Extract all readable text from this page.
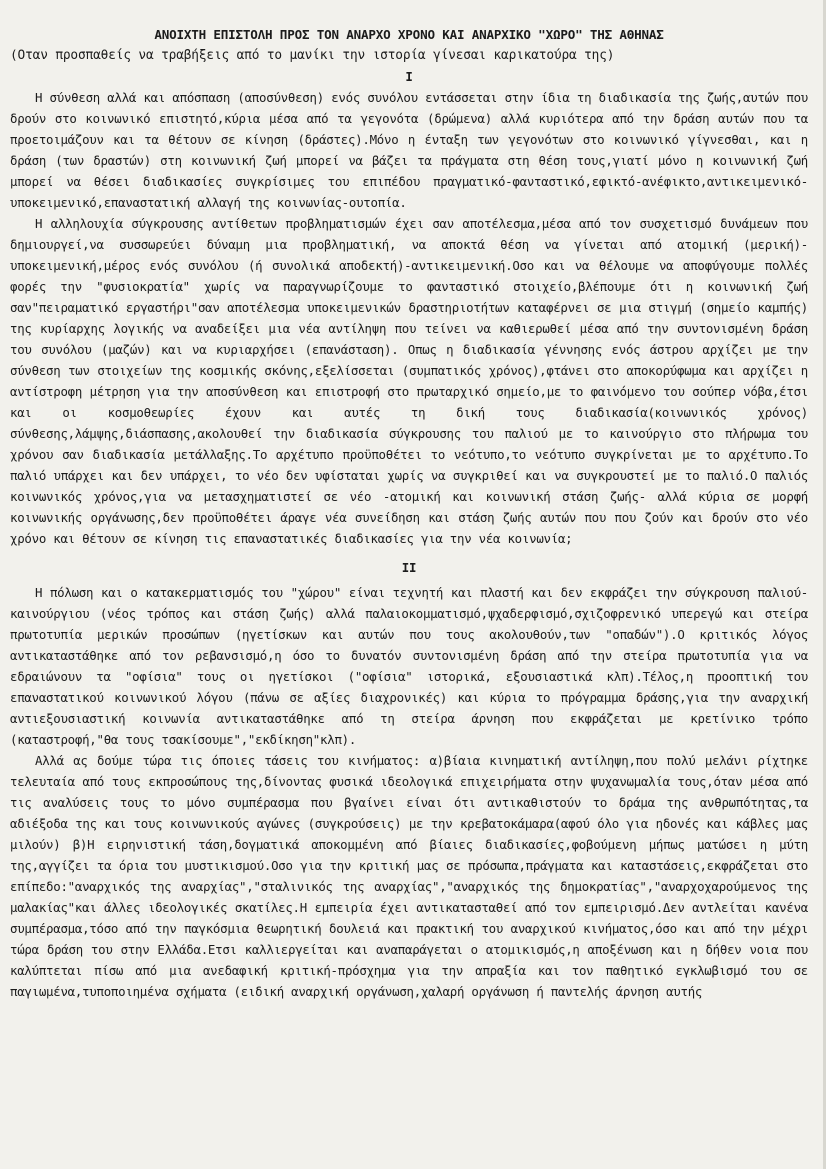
ΑΝΟΙΧΤΗ ΕΠΙΣΤΟΛΗ ΠΡΟΣ ΤΟΝ ΑΝΑΡΧΟ ΧΡΟΝΟ ΚΑΙ ΑΝΑΡΧΙΚΟ "ΧΩΡΟ" ΤΗΣ ΑΘΗΝΑΣ

(Οταν προσπαθείς να τραβήξεις από το μανίκι την ιστορία γίνεσαι καρικατούρα της)

I

Η σύνθεση αλλά και απόσπαση (αποσύνθεση) ενός συνόλου εντάσσεται στην ίδια τη διαδικασία της ζωής,αυτών που δρούν στο κοινωνικό επιστητό,κύρια μέσα από τα γεγονότα (δρώμενα) αλλά κυριότερα από την δράση αυτών που τα προετοιμάζουν και τα θέτουν σε κίνηση (δράστες).Μόνο η ένταξη των γεγονότων στο κοινωνικό γίγνεσθαι, και η δράση (των δραστών) στη κοινωνική ζωή μπορεί να βάζει τα πράγματα στη θέση τους,γιατί μόνο η κοινωνική ζωή μπορεί να θέσει διαδικασίες συγκρίσιμες του επιπέδου πραγματικό-φανταστικό,εφικτό-ανέφικτο,αντικειμενικό-υποκειμενικό,επαναστατική αλλαγή της κοινωνίας-ουτοπία.

Η αλληλουχία σύγκρουσης αντίθετων προβληματισμών έχει σαν αποτέλεσμα,μέσα από τον συσχετισμό δυνάμεων που δημιουργεί,να συσσωρεύει δύναμη μια προβληματική, να αποκτά θέση να γίνεται από ατομική (μερική)-υποκειμενική,μέρος ενός συνόλου (ή συνολικά αποδεκτή)-αντικειμενική.Οσο και να θέλουμε να αποφύγουμε πολλές φορές την "φυσιοκρατία" χωρίς να παραγνωρίζουμε το φανταστικό στοιχείο,βλέπουμε ότι η κοινωνική ζωή σαν"πειραματικό εργαστήρι"σαν αποτέλεσμα υποκειμενικών δραστηριοτήτων καταφέρνει σε μια στιγμή (σημείο καμπής) της κυρίαρχης λογικής να αναδείξει μια νέα αντίληψη που τείνει να καθιερωθεί μέσα από την συντονισμένη δράση του συνόλου (μαζών) και να κυριαρχήσει (επανάσταση). Οπως η διαδικασία γέννησης ενός άστρου αρχίζει με την σύνθεση των στοιχείων της κοσμικής σκόνης,εξελίσσεται (συμπατικός χρόνος),φτάνει στο αποκορύφωμα και αρχίζει η αντίστροφη μέτρηση για την αποσύνθεση και επιστροφή στο πρωταρχικό σημείο,με το φαινόμενο του σούπερ νόβα,έτσι και οι κοσμοθεωρίες έχουν και αυτές τη δική τους διαδικασία(κοινωνικός χρόνος) σύνθεσης,λάμψης,διάσπασης,ακολουθεί την διαδικασία σύγκρουσης του παλιού με το καινούργιο στο πλήρωμα του χρόνου σαν διαδικασία μετάλλαξης.Το αρχέτυπο προϋποθέτει το νεότυπο,το νεότυπο συγκρίνεται με το αρχέτυπο.Το παλιό υπάρχει και δεν υπάρχει, το νέο δεν υφίσταται χωρίς να συγκριθεί και να συγκρουστεί με το παλιό.Ο παλιός κοινωνικός χρόνος,για να μετασχηματιστεί σε νέο -ατομική και κοινωνική στάση ζωής- αλλά κύρια σε μορφή κοινωνικής οργάνωσης,δεν προϋποθέτει άραγε νέα συνείδηση και στάση ζωής αυτών που που ζούν και δρούν στο νέο χρόνο και θέτουν σε κίνηση τις επαναστατικές διαδικασίες για την νέα κοινωνία;

II

Η πόλωση και ο κατακερματισμός του "χώρου" είναι τεχνητή και πλαστή και δεν εκφράζει την σύγκρουση παλιού-καινούργιου (νέος τρόπος και στάση ζωής) αλλά παλαιοκομματισμό,ψχαδερφισμό,σχιζοφρενικό υπερεγώ και στείρα πρωτοτυπία μερικών προσώπων (ηγετίσκων και αυτών που τους ακολουθούν,των "οπαδών").Ο κριτικός λόγος αντικαταστάθηκε από τον ρεβανσισμό,η όσο το δυνατόν συντονισμένη δράση από την στείρα πρωτοτυπία για να εδραιώνουν τα "οφίσια" τους οι ηγετίσκοι ("οφίσια" ιστορικά, εξουσιαστικά κλπ).Τέλος,η προοπτική του επαναστατικού κοινωνικού λόγου (πάνω σε αξίες διαχρονικές) και κύρια το πρόγραμμα δράσης,για την αναρχική αντιεξουσιαστική κοινωνία αντικαταστάθηκε από τη στείρα άρνηση που εκφράζεται με κρετίνικο τρόπο (καταστροφή,"θα τους τσακίσουμε","εκδίκηση"κλπ).

Αλλά ας δούμε τώρα τις όποιες τάσεις του κινήματος: α)βίαια κινηματική αντίληψη,που πολύ μελάνι ρίχτηκε τελευταία από τους εκπροσώπους της,δίνοντας φυσικά ιδεολογικά επιχειρήματα στην ψυχανωμαλία τους,όταν μέσα από τις αναλύσεις τους το μόνο συμπέρασμα που βγαίνει είναι ότι αντικαθιστούν το δράμα της ανθρωπότητας,τα αδιέξοδα της και τους κοινωνικούς αγώνες (συγκρούσεις) με την κρεβατοκάμαρα(αφού όλο για ηδονές και κάβλες μας μιλούν) β)Η ειρηνιστική τάση,δογματικά αποκομμένη από βίαιες διαδικασίες,φοβούμενη μήπως ματώσει η μύτη της,αγγίζει τα όρια του μυστικισμού.Οσο για την κριτική μας σε πρόσωπα,πράγματα και καταστάσεις,εκφράζεται στο επίπεδο:"αναρχικός της αναρχίας","σταλινικός της αναρχίας","αναρχικός της δημοκρατίας","αναρχοχαρούμενος της μαλακίας"και άλλες ιδεολογικές σκατίλες.Η εμπειρία έχει αντικατασταθεί από τον εμπειρισμό.Δεν αντλείται κανένα συμπέρασμα,τόσο από την παγκόσμια θεωρητική δουλειά και πρακτική του αναρχικού κινήματος,όσο και από την μέχρι τώρα δράση του στην Ελλάδα.Ετσι καλλιεργείται και αναπαράγεται ο ατομικισμός,η αποξένωση και η δήθεν νοια που καλύπτεται πίσω από μια ανεδαφική κριτική-πρόσχημα για την απραξία και τον παθητικό εγκλωβισμό του σε παγιωμένα,τυποποιημένα σχήματα (ειδική αναρχική οργάνωση,χαλαρή οργάνωση ή παντελής άρνηση αυτής
